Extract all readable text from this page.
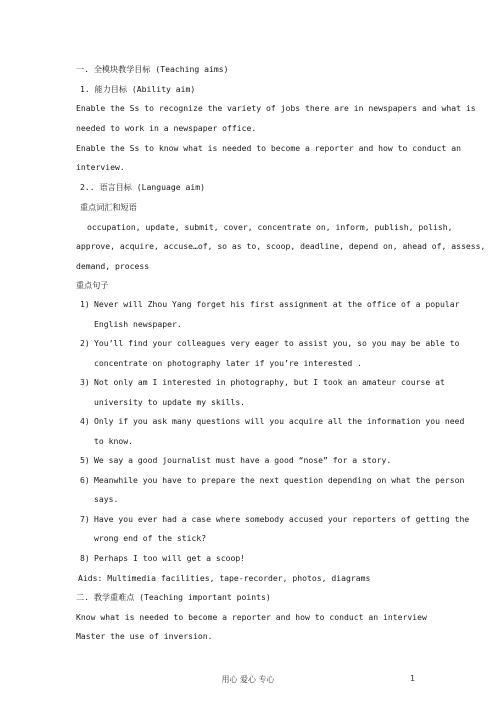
一. 全模块教学目标 (Teaching aims)
1. 能力目标 (Ability aim)
Enable the Ss to recognize the variety of jobs there are in newspapers and what is
needed to work in a newspaper office.
Enable the Ss to know what is needed to become a reporter and how to conduct an
interview.
2.. 语言目标 (Language aim)
重点词汇和短语
occupation, update, submit, cover, concentrate on, inform, publish, polish,
approve, acquire, accuse…of, so as to, scoop, deadline, depend on, ahead of, assess,
demand, process
重点句子
1) Never will Zhou Yang forget his first assignment at the office of a popular
English newspaper.
2) You’ll find your colleagues very eager to assist you, so you may be able to
concentrate on photography later if you’re interested .
3) Not only am I interested in photography, but I took an amateur course at
university to update my skills.
4) Only if you ask many questions will you acquire all the information you need
to know.
5) We say a good journalist must have a good “nose” for a story.
6) Meanwhile you have to prepare the next question depending on what the person
says.
7) Have you ever had a case where somebody accused your reporters of getting the
wrong end of the stick?
8) Perhaps I too will get a scoop!
Aids: Multimedia facilities, tape-recorder, photos, diagrams
二. 教学重难点 (Teaching important points)
Know what is needed to become a reporter and how to conduct an interview
Master the use of inversion.
用心 爱心 专心	1
